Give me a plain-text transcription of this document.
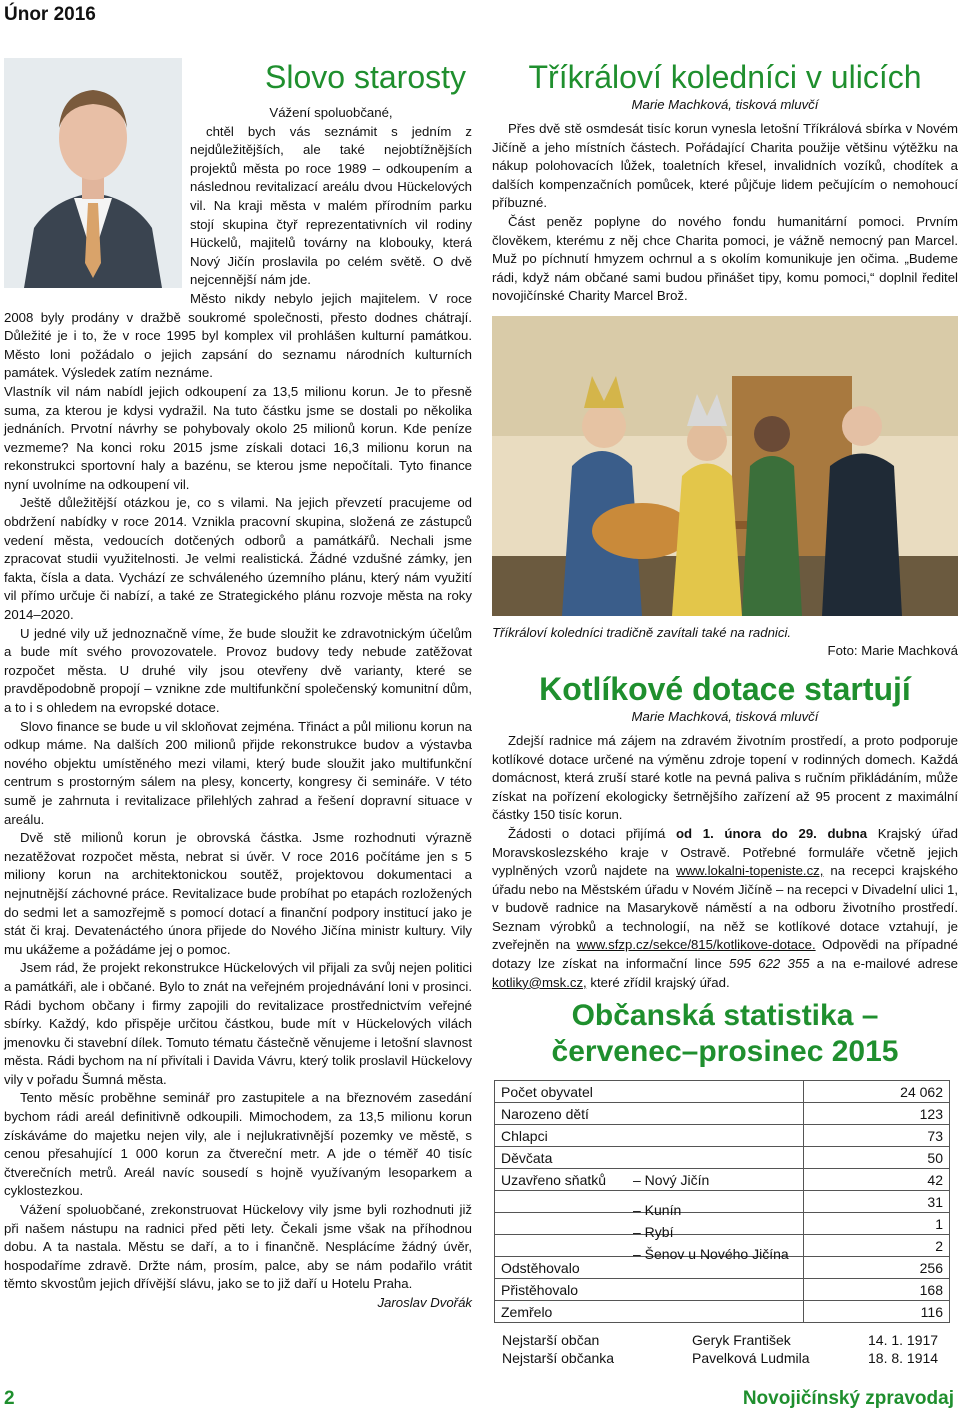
Únor 2016
Slovo starosty

Vážení spoluobčané,

chtěl bych vás seznámit s jedním z nejdůležitějších, ale také nejobtížnějších projektů města po roce 1989 – odkoupením a následnou revitalizací areálu dvou Hückelových vil. Na kraji města v malém přírodním parku stojí skupina čtyř reprezentativních vil rodiny Hückelů, majitelů továrny na klobouky, která Nový Jičín proslavila po celém světě. O dvě nejcennější nám jde.

Město nikdy nebylo jejich majitelem. V roce 2008 byly prodány v dražbě soukromé společnosti, přesto dodnes chátrají. Důležité je i to, že v roce 1995 byl komplex vil prohlášen kulturní památkou. Město loni požádalo o jejich zapsání do seznamu národních kulturních památek. Výsledek zatím neznáme.

Vlastník vil nám nabídl jejich odkoupení za 13,5 milionu korun. Je to přesně suma, za kterou je kdysi vydražil. Na tuto částku jsme se dostali po několika jednáních. Prvotní návrhy se pohybovaly okolo 25 milionů korun. Kde peníze vezmeme? Na konci roku 2015 jsme získali dotaci 16,3 milionu korun na rekonstrukci sportovní haly a bazénu, se kterou jsme nepočítali. Tyto finance nyní uvolníme na odkoupení vil.

Ještě důležitější otázkou je, co s vilami. Na jejich převzetí pracujeme od obdržení nabídky v roce 2014. Vznikla pracovní skupina, složená ze zástupců vedení města, vedoucích dotčených odborů a památkářů. Nechali jsme zpracovat studii využitelnosti. Je velmi realistická. Žádné vzdušné zámky, jen fakta, čísla a data. Vychází ze schváleného územního plánu, který nám využití vil přímo určuje či nabízí, a také ze Strategického plánu rozvoje města na roky 2014–2020.

U jedné vily už jednoznačně víme, že bude sloužit ke zdravotnickým účelům a bude mít svého provozovatele. Provoz budovy tedy nebude zatěžovat rozpočet města. U druhé vily jsou otevřeny dvě varianty, které se pravděpodobně propojí – vznikne zde multifunkční společenský komunitní dům, a to i s ohledem na evropské dotace.

Slovo finance se bude u vil skloňovat zejména. Třináct a půl milionu korun na odkup máme. Na dalších 200 milionů přijde rekonstrukce budov a výstavba nového objektu umístěného mezi vilami, který bude sloužit jako multifunkční centrum s prostorným sálem na plesy, koncerty, kongresy či semináře. V této sumě je zahrnuta i revitalizace přilehlých zahrad a řešení dopravní situace v areálu.

Dvě stě milionů korun je obrovská částka. Jsme rozhodnuti výrazně nezatěžovat rozpočet města, nebrat si úvěr. V roce 2016 počítáme jen s 5 miliony korun na architektonickou soutěž, projektovou dokumentaci a nejnutnější záchovné práce. Revitalizace bude probíhat po etapách rozložených do sedmi let a samozřejmě s pomocí dotací a finanční podpory institucí jako je stát či kraj. Devatenáctého února přijede do Nového Jičína ministr kultury. Vily mu ukážeme a požádáme jej o pomoc.

Jsem rád, že projekt rekonstrukce Hückelových vil přijali za svůj nejen politici a památkáři, ale i občané. Bylo to znát na veřejném projednávání loni v prosinci. Rádi bychom občany i firmy zapojili do revitalizace prostřednictvím veřejné sbírky. Každý, kdo přispěje určitou částkou, bude mít v Hückelových vilách jmenovku či stavební dílek. Tomuto tématu částečně věnujeme i letošní slavnost města. Rádi bychom na ní přivítali i Davida Vávru, který tolik proslavil Hückelovy vily v pořadu Šumná města.

Tento měsíc proběhne seminář pro zastupitele a na březnovém zasedání bychom rádi areál definitivně odkoupili. Mimochodem, za 13,5 milionu korun získáváme do majetku nejen vily, ale i nejlukrativnější pozemky ve městě, s cenou přesahující 1 000 korun za čtvereční metr. A jde o téměř 40 tisíc čtverečních metrů. Areál navíc sousedí s hojně využívaným lesoparkem a cyklostezkou.

Vážení spoluobčané, zrekonstruovat Hückelovy vily jsme byli rozhodnuti již při našem nástupu na radnici před pěti lety. Čekali jsme však na příhodnou dobu. A ta nastala. Městu se daří, a to i finančně. Nesplácíme žádný úvěr, hospodaříme zdravě. Držte nám, prosím, palce, aby se nám podařilo vrátit těmto skvostům jejich dřívější slávu, jako se to již daří u Hotelu Praha.
Jaroslav Dvořák

Tříkráloví koledníci v ulicích

Marie Machková, tisková mluvčí

Přes dvě stě osmdesát tisíc korun vynesla letošní Tříkrálová sbírka v Novém Jičíně a jeho místních částech. Pořádající Charita použije většinu výtěžku na nákup polohovacích lůžek, toaletních křesel, invalidních vozíků, chodítek a dalších kompenzačních pomůcek, které půjčuje lidem pečujícím o nemohoucí příbuzné.

Část peněz poplyne do nového fondu humanitární pomoci. Prvním člověkem, kterému z něj chce Charita pomoci, je vážně nemocný pan Marcel. Muž po píchnutí hmyzem ochrnul a s okolím komunikuje jen očima. „Budeme rádi, když nám občané sami budou přinášet tipy, komu pomoci,“ doplnil ředitel novojičínské Charity Marcel Brož.

Tříkráloví koledníci tradičně zavítali také na radnici.

Foto: Marie Machková

Kotlíkové dotace startují

Marie Machková, tisková mluvčí

Zdejší radnice má zájem na zdravém životním prostředí, a proto podporuje kotlíkové dotace určené na výměnu zdroje topení v rodinných domech. Každá domácnost, která zruší staré kotle na pevná paliva s ručním přikládáním, může získat na pořízení ekologicky šetrnějšího zařízení až 95 procent z maximální částky 150 tisíc korun.

Žádosti o dotaci přijímá od 1. února do 29. dubna Krajský úřad Moravskoslezského kraje v Ostravě. Potřebné formuláře včetně jejich vyplněných vzorů najdete na www.lokalni-topeniste.cz, na recepci krajského úřadu nebo na Městském úřadu v Novém Jičíně – na recepci v Divadelní ulici 1, v budově radnice na Masarykově náměstí a na odboru životního prostředí. Seznam výrobků a technologií, na něž se kotlíkové dotace vztahují, je zveřejněn na www.sfzp.cz/sekce/815/kotlikove-dotace. Odpovědi na případné dotazy lze získat na informační lince 595 622 355 a na e-mailové adrese kotliky@msk.cz, které zřídil krajský úřad.

Občanská statistika –
červenec–prosinec 2015
Počet obyvatel	24 062
Narozeno dětí	123
Chlapci	73
Děvčata	50
Uzavřeno sňatků – Nový Jičín	42

– Kunín	31

– Rybí	1

– Šenov u Nového Jičína	2
Odstěhovalo	256
Přistěhovalo	168
Zemřelo	116
Nejstarší občan	Geryk František	14. 1. 1917
Nejstarší občanka	Pavelková Ludmila	18. 8. 1914
2	Novojičínský zpravodaj
